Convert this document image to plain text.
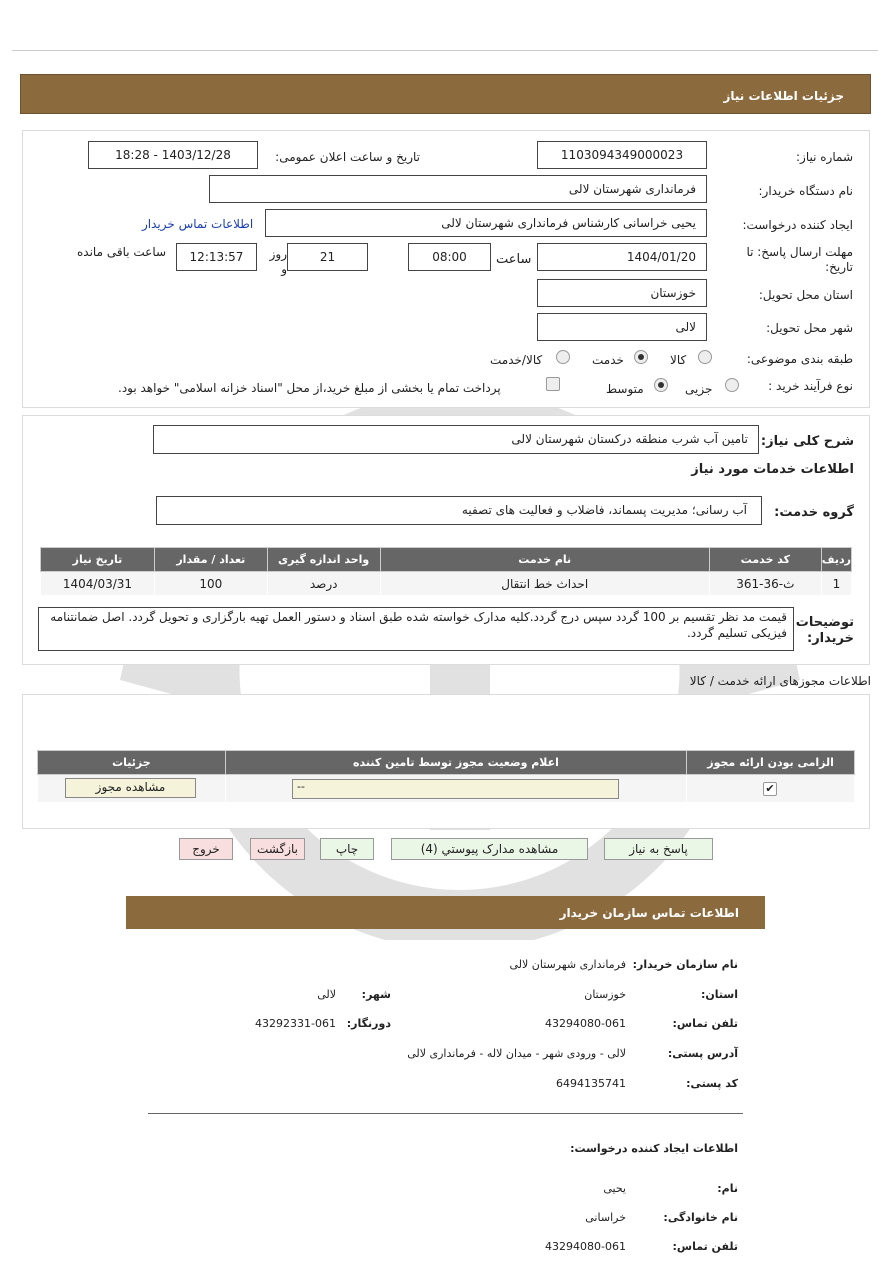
جزئیات اطلاعات نیاز
شماره نیاز:
1103094349000023
تاریخ و ساعت اعلان عمومی:
1403/12/28 - 18:28
نام دستگاه خریدار:
فرمانداری شهرستان لالی
ایجاد کننده درخواست:
یحیی خراسانی کارشناس فرمانداری شهرستان لالی
اطلاعات تماس خریدار
مهلت ارسال پاسخ: تا تاریخ:
1404/01/20
ساعت
08:00
21
روز و
12:13:57
ساعت باقی مانده
استان محل تحویل:
خوزستان
شهر محل تحویل:
لالی
طبقه بندی موضوعی:
کالا
خدمت
کالا/خدمت
نوع فرآیند خرید :
جزیی
متوسط
پرداخت تمام یا بخشی از مبلغ خرید،از محل "اسناد خزانه اسلامی" خواهد بود.
شرح کلی نیاز:
تامین آب شرب منطقه درکستان شهرستان لالی
اطلاعات خدمات مورد نیاز
گروه خدمت:
آب رسانی؛ مدیریت پسماند، فاضلاب و فعالیت های تصفیه
ردیف	کد خدمت	نام خدمت	واحد اندازه گیری	تعداد / مقدار	تاریخ نیاز
1	ث-36-361	احداث خط انتقال	درصد	100	1404/03/31
توضیحات خریدار:
قیمت مد نظر تقسیم بر 100 گردد سپس درج گردد.کلیه مدارک خواسته شده طبق اسناد و دستور العمل تهیه بارگزاری و تحویل گردد. اصل ضمانتنامه فیزیکی تسلیم گردد.
اطلاعات مجوزهای ارائه خدمت / کالا
الزامی بودن ارائه مجوز	اعلام وضعیت مجوز توسط تامین کننده	جزئیات

✔
--
مشاهده مجوز
پاسخ به نیاز
مشاهده مدارک پیوستي (4)
چاپ
بازگشت
خروج
اطلاعات تماس سازمان خریدار
نام سازمان خریدار:
فرمانداری شهرستان لالی
استان:
خوزستان
شهر:
لالی
تلفن تماس:
43294080-061
دورنگار:
43292331-061
آدرس پستی:
لالی - ورودی شهر - میدان لاله - فرمانداری لالی
کد پستی:
6494135741
اطلاعات ایجاد کننده درخواست:
نام:
یحیی
نام خانوادگی:
خراسانی
تلفن تماس:
43294080-061
